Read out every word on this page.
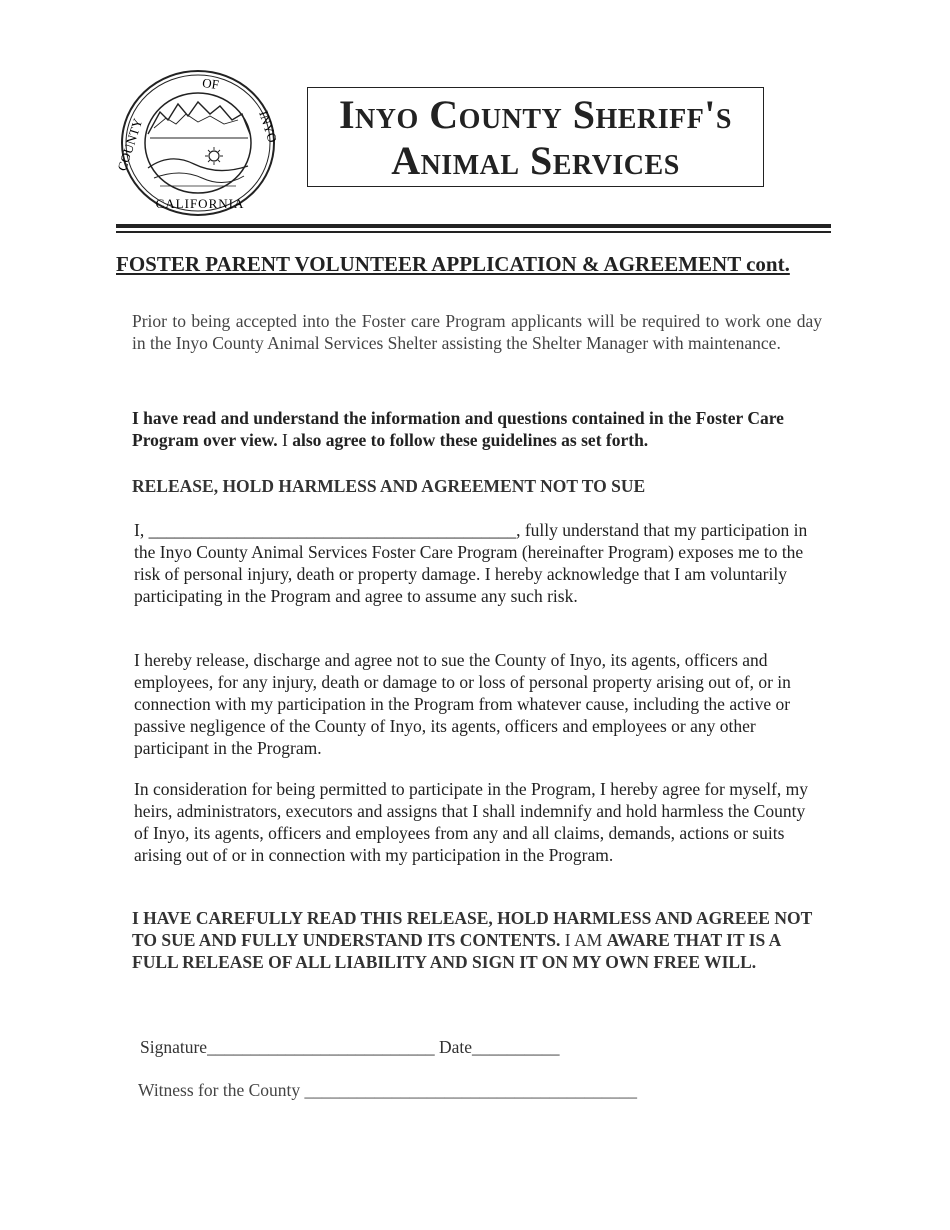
OF
COUNTY	INYO
CALIFORNIA
Inyo County Sheriff's
Animal Services
FOSTER PARENT VOLUNTEER APPLICATION & AGREEMENT cont.
Prior to being accepted into the Foster care Program applicants will be required to work one day in the Inyo County Animal Services Shelter assisting the Shelter Manager with maintenance.
I have read and understand the information and questions contained in the Foster Care Program over view. I also agree to follow these guidelines as set forth.
RELEASE, HOLD HARMLESS AND AGREEMENT NOT TO SUE
I, __________________________________________, fully understand that my participation in the Inyo County Animal Services Foster Care Program (hereinafter Program) exposes me to the risk of personal injury, death or property damage. I hereby acknowledge that I am voluntarily participating in the Program and agree to assume any such risk.
I hereby release, discharge and agree not to sue the County of Inyo, its agents, officers and employees, for any injury, death or damage to or loss of personal property arising out of, or in connection with my participation in the Program from whatever cause, including the active or passive negligence of the County of Inyo, its agents, officers and employees or any other participant in the Program.
In consideration for being permitted to participate in the Program, I hereby agree for myself, my heirs, administrators, executors and assigns that I shall indemnify and hold harmless the County of Inyo, its agents, officers and employees from any and all claims, demands, actions or suits arising out of or in connection with my participation in the Program.
I HAVE CAREFULLY READ THIS RELEASE, HOLD HARMLESS AND AGREEE NOT TO SUE AND FULLY UNDERSTAND ITS CONTENTS. I AM AWARE THAT IT IS A FULL RELEASE OF ALL LIABILITY AND SIGN IT ON MY OWN FREE WILL.
Signature__________________________ Date__________
Witness for the County ______________________________________
